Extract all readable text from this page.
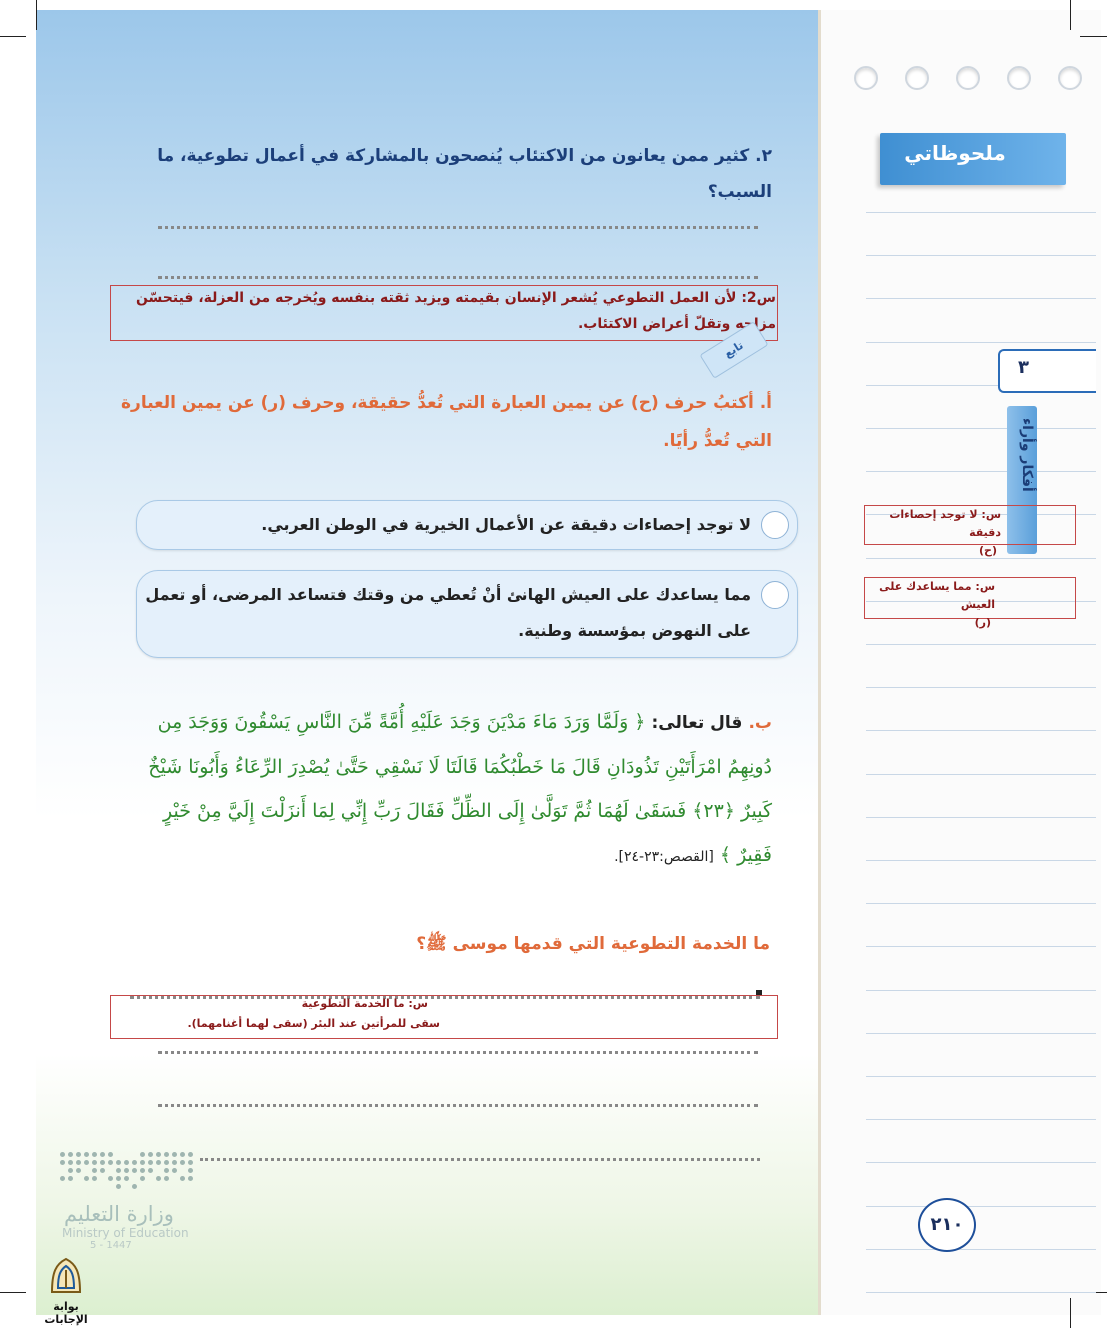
ملحوظاتي
٣
أفكار وأراء
س: لا توجد إحصاءات دقيقة
(ح)
س: مما يساعدك على العيش
(ر)
٢. كثير ممن يعانون من الاكتئاب يُنصحون بالمشاركة في أعمال تطوعية، ما السبب؟
س2: لأن العمل التطوعي يُشعر الإنسان بقيمته ويزيد ثقته بنفسه ويُخرجه من العزلة، فيتحسّن مزاجه وتقلّ أعراض الاكتئاب.
تابع
أ. أكتبُ حرف (ح) عن يمين العبارة التي تُعدُّ حقيقة، وحرف (ر) عن يمين العبارة التي تُعدُّ رأيًا.
لا توجد إحصاءات دقيقة عن الأعمال الخيرية في الوطن العربي.
مما يساعدك على العيش الهانئ أنْ تُعطي من وقتك فتساعد المرضى، أو تعمل على النهوض بمؤسسة وطنية.
ب. قال تعالى: ﴿ وَلَمَّا وَرَدَ مَاءَ مَدْيَنَ وَجَدَ عَلَيْهِ أُمَّةً مِّنَ النَّاسِ يَسْقُونَ وَوَجَدَ مِن دُونِهِمُ امْرَأَتَيْنِ تَذُودَانِ قَالَ مَا خَطْبُكُمَا قَالَتَا لَا نَسْقِي حَتَّىٰ يُصْدِرَ الرِّعَاءُ وَأَبُونَا شَيْخٌ كَبِيرٌ ﴿٢٣﴾ فَسَقَىٰ لَهُمَا ثُمَّ تَوَلَّىٰ إِلَى الظِّلِّ فَقَالَ رَبِّ إِنِّي لِمَا أَنزَلْتَ إِلَيَّ مِنْ خَيْرٍ فَقِيرٌ ﴾ [القصص:٢٣-٢٤].
ما الخدمة التطوعية التي قدمها موسى ﷺ؟
س: ما الخدمة التطوعية
سقى للمرأتين عند البئر (سقى لهما أغنامهما).
٢١٠
وزارة التعليم
Ministry of Education
5 - 1447
بوابة الإجابات
